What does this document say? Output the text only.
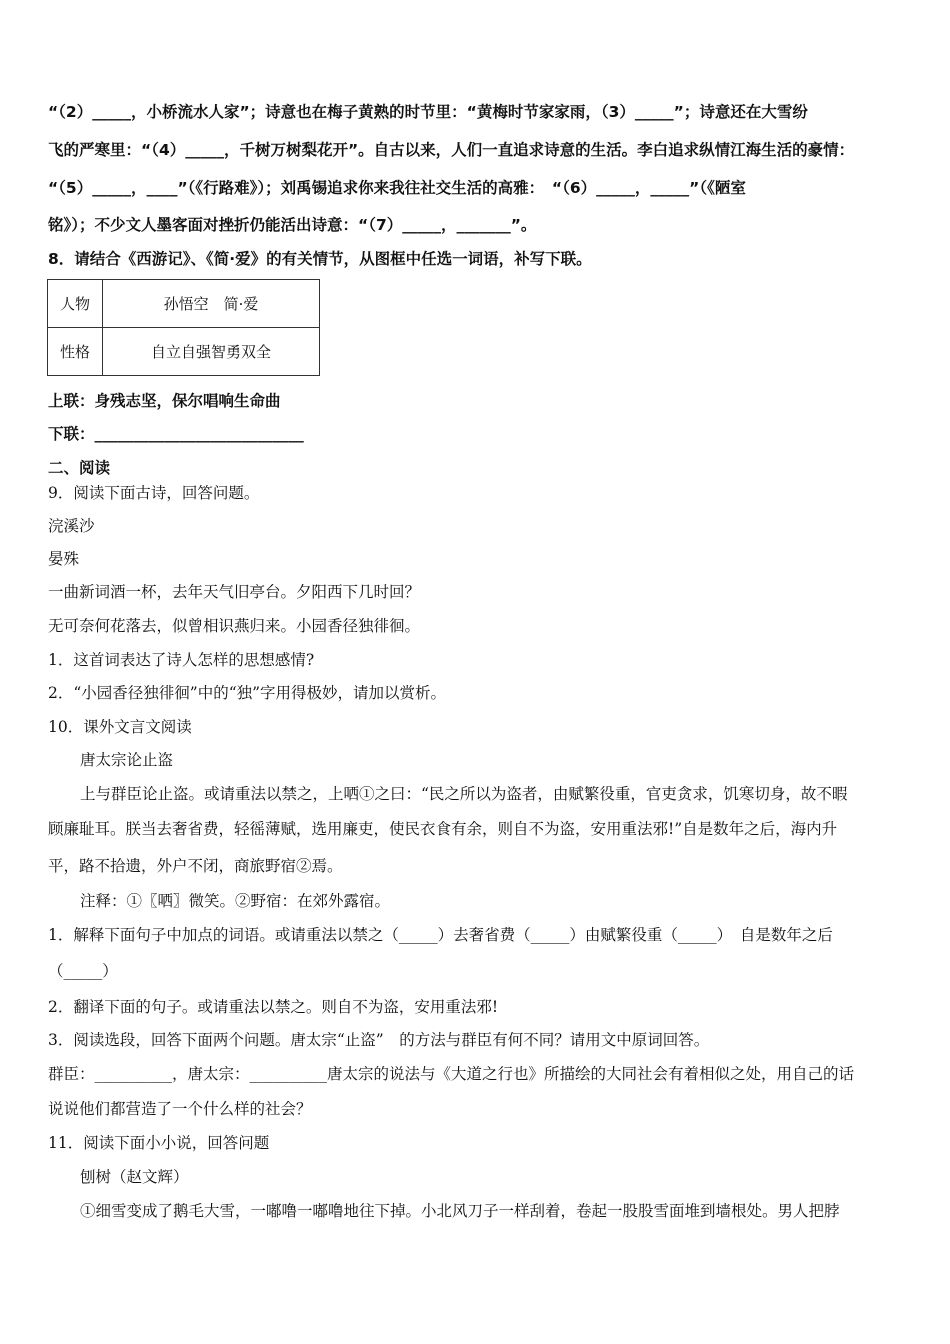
“（2）_____，小桥流水人家”；诗意也在梅子黄熟的时节里：“黄梅时节家家雨，（3）_____”；诗意还在大雪纷
飞的严寒里：“（4）_____，千树万树梨花开”。自古以来，人们一直追求诗意的生活。李白追求纵情江海生活的豪情：
“（5）_____，____”（《行路难》）；刘禹锡追求你来我往社交生活的高雅：　“（6）_____，_____”（《陋室
铭》）；不少文人墨客面对挫折仍能活出诗意：“（7）_____，_______”。
8．请结合《西游记》、《简·爱》的有关情节，从图框中任选一词语，补写下联。
人物	孙悟空　简·爱
性格	自立自强智勇双全
上联：身残志坚，保尔唱响生命曲
下联：___________________________
二、阅读
9．阅读下面古诗，回答问题。
浣溪沙
晏殊
一曲新词酒一杯，去年天气旧亭台。夕阳西下几时回？
无可奈何花落去，似曾相识燕归来。小园香径独徘徊。
1．这首词表达了诗人怎样的思想感情?
2．“小园香径独徘徊”中的“独”字用得极妙，请加以赏析。
10．课外文言文阅读
唐太宗论止盗
上与群臣论止盗。或请重法以禁之，上哂①之曰：“民之所以为盗者，由赋繁役重，官吏贪求，饥寒切身，故不暇
顾廉耻耳。朕当去奢省费，轻徭薄赋，选用廉吏，使民衣食有余，则自不为盗，安用重法邪!”自是数年之后，海内升
平，路不拾遗，外户不闭，商旅野宿②焉。
注释：①〖哂〗微笑。②野宿：在郊外露宿。
1．解释下面句子中加点的词语。或请重法以禁之（_____）去奢省费（_____）由赋繁役重（_____）　自是数年之后
（_____）
2．翻译下面的句子。或请重法以禁之。则自不为盗，安用重法邪!
3．阅读选段，回答下面两个问题。唐太宗“止盗”　的方法与群臣有何不同？请用文中原词回答。
群臣：__________，唐太宗：__________唐太宗的说法与《大道之行也》所描绘的大同社会有着相似之处，用自己的话
说说他们都营造了一个什么样的社会？
11．阅读下面小小说，回答问题
刨树（赵文辉）
①细雪变成了鹅毛大雪，一嘟噜一嘟噜地往下掉。小北风刀子一样刮着，卷起一股股雪面堆到墙根处。男人把脖
